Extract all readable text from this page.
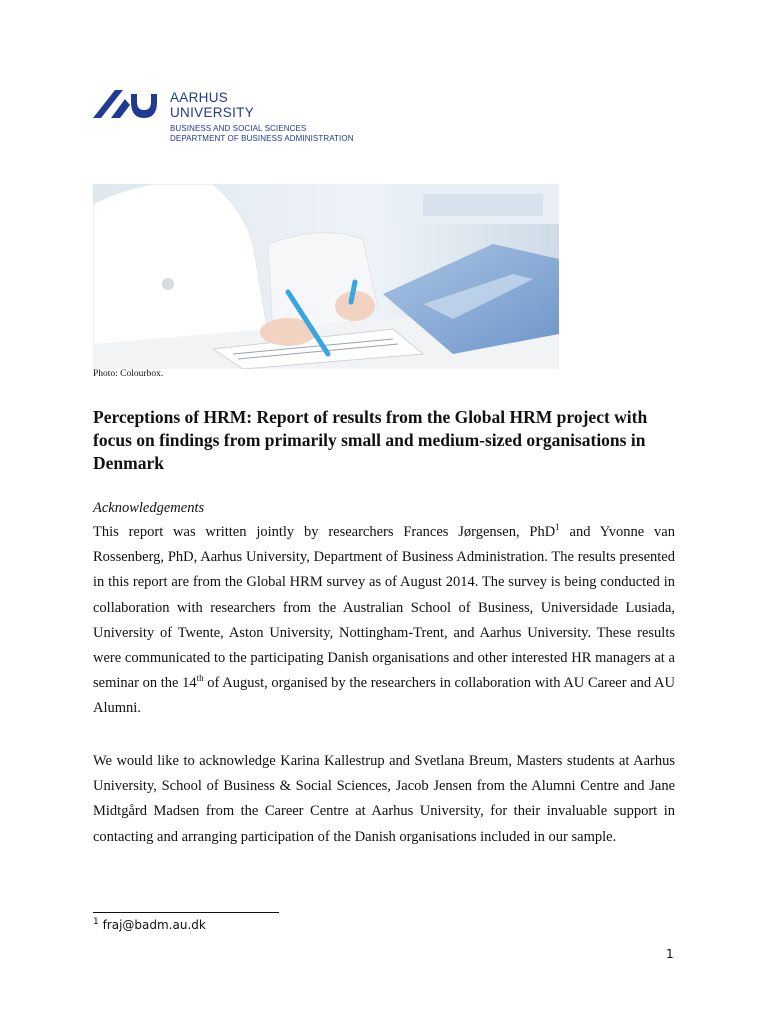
AARHUS
UNIVERSITY
BUSINESS AND SOCIAL SCIENCES
DEPARTMENT OF BUSINESS ADMINISTRATION
Photo: Colourbox.
Perceptions of HRM: Report of results from the Global HRM project with focus on findings from primarily small and medium-sized organisations in Denmark
Acknowledgements
This report was written jointly by researchers Frances Jørgensen, PhD$^1$ and Yvonne van Rossenberg, PhD, Aarhus University, Department of Business Administration. The results presented in this report are from the Global HRM survey as of August 2014. The survey is being conducted in collaboration with researchers from the Australian School of Business, Universidade Lusiada, University of Twente, Aston University, Nottingham-Trent, and Aarhus University. These results were communicated to the participating Danish organisations and other interested HR managers at a seminar on the 14th of August, organised by the researchers in collaboration with AU Career and AU Alumni.
We would like to acknowledge Karina Kallestrup and Svetlana Breum, Masters students at Aarhus University, School of Business & Social Sciences, Jacob Jensen from the Alumni Centre and Jane Midtgård Madsen from the Career Centre at Aarhus University, for their invaluable support in contacting and arranging participation of the Danish organisations included in our sample.
$^1$ fraj@badm.au.dk
1
